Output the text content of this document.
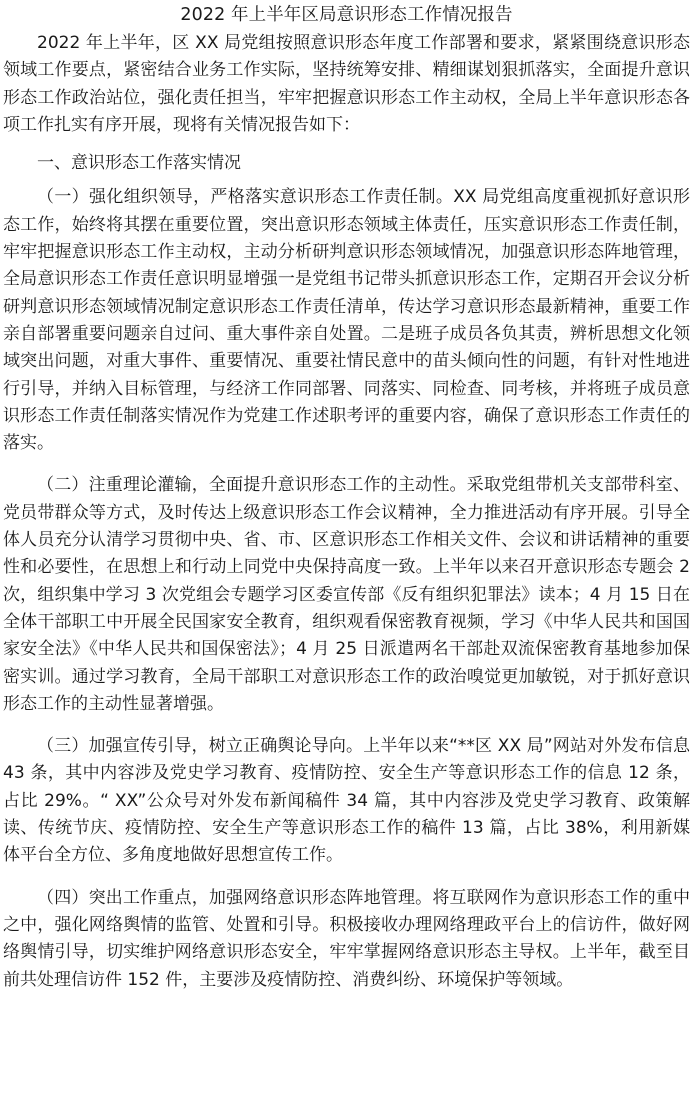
2022 年上半年区局意识形态工作情况报告

2022 年上半年，区 XX 局党组按照意识形态年度工作部署和要求，紧紧围绕意识形态领域工作要点，紧密结合业务工作实际，坚持统筹安排、精细谋划狠抓落实，全面提升意识形态工作政治站位，强化责任担当，牢牢把握意识形态工作主动权，全局上半年意识形态各项工作扎实有序开展，现将有关情况报告如下：

一、意识形态工作落实情况

（一）强化组织领导，严格落实意识形态工作责任制。XX 局党组高度重视抓好意识形态工作，始终将其摆在重要位置，突出意识形态领域主体责任，压实意识形态工作责任制，牢牢把握意识形态工作主动权，主动分析研判意识形态领域情况，加强意识形态阵地管理，全局意识形态工作责任意识明显增强一是党组书记带头抓意识形态工作，定期召开会议分析研判意识形态领域情况制定意识形态工作责任清单，传达学习意识形态最新精神，重要工作亲自部署重要问题亲自过问、重大事件亲自处置。二是班子成员各负其责，辨析思想文化领域突出问题，对重大事件、重要情况、重要社情民意中的苗头倾向性的问题，有针对性地进行引导，并纳入目标管理，与经济工作同部署、同落实、同检查、同考核，并将班子成员意识形态工作责任制落实情况作为党建工作述职考评的重要内容，确保了意识形态工作责任的落实。

（二）注重理论灌输，全面提升意识形态工作的主动性。采取党组带机关支部带科室、党员带群众等方式，及时传达上级意识形态工作会议精神，全力推进活动有序开展。引导全体人员充分认清学习贯彻中央、省、市、区意识形态工作相关文件、会议和讲话精神的重要性和必要性，在思想上和行动上同党中央保持高度一致。上半年以来召开意识形态专题会 2 次，组织集中学习 3 次党组会专题学习区委宣传部《反有组织犯罪法》读本；4 月 15 日在全体干部职工中开展全民国家安全教育，组织观看保密教育视频，学习《中华人民共和国国家安全法》《中华人民共和国保密法》；4 月 25 日派遣两名干部赴双流保密教育基地参加保密实训。通过学习教育，全局干部职工对意识形态工作的政治嗅觉更加敏锐，对于抓好意识形态工作的主动性显著增强。

（三）加强宣传引导，树立正确舆论导向。上半年以来“**区 XX 局”网站对外发布信息 43 条，其中内容涉及党史学习教育、疫情防控、安全生产等意识形态工作的信息 12 条，占比 29%。“ XX”公众号对外发布新闻稿件 34 篇，其中内容涉及党史学习教育、政策解读、传统节庆、疫情防控、安全生产等意识形态工作的稿件 13 篇，占比 38%，利用新媒体平台全方位、多角度地做好思想宣传工作。

（四）突出工作重点，加强网络意识形态阵地管理。将互联网作为意识形态工作的重中之中，强化网络舆情的监管、处置和引导。积极接收办理网络理政平台上的信访件，做好网络舆情引导，切实维护网络意识形态安全，牢牢掌握网络意识形态主导权。上半年，截至目前共处理信访件 152 件，主要涉及疫情防控、消费纠纷、环境保护等领域。
